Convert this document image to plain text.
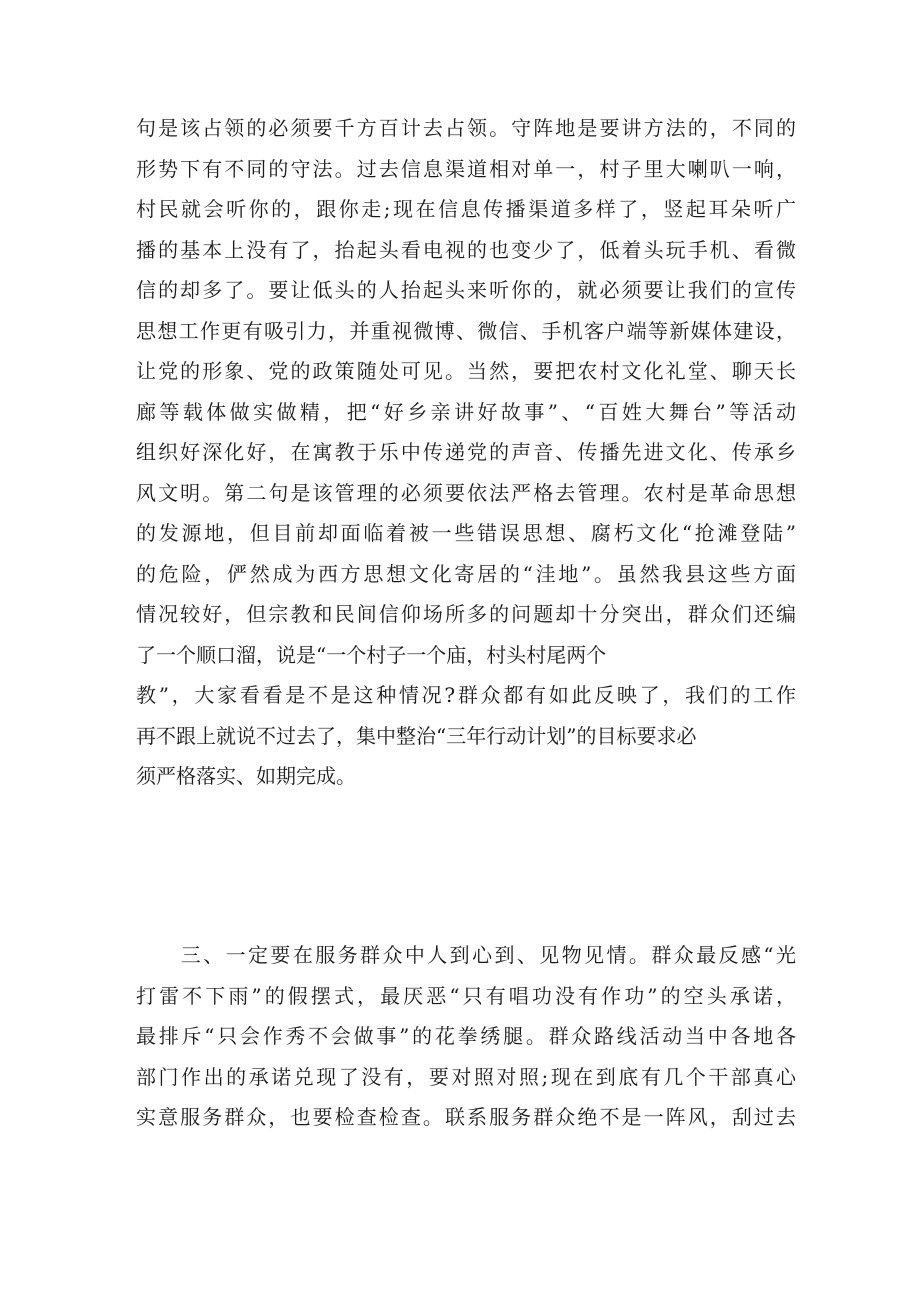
句是该占领的必须要千方百计去占领。守阵地是要讲方法的，不同的
形势下有不同的守法。过去信息渠道相对单一，村子里大喇叭一响，
村民就会听你的，跟你走;现在信息传播渠道多样了，竖起耳朵听广
播的基本上没有了，抬起头看电视的也变少了，低着头玩手机、看微
信的却多了。要让低头的人抬起头来听你的，就必须要让我们的宣传
思想工作更有吸引力，并重视微博、微信、手机客户端等新媒体建设，
让党的形象、党的政策随处可见。当然，要把农村文化礼堂、聊天长
廊等载体做实做精，把“好乡亲讲好故事”、“百姓大舞台”等活动
组织好深化好，在寓教于乐中传递党的声音、传播先进文化、传承乡
风文明。第二句是该管理的必须要依法严格去管理。农村是革命思想
的发源地，但目前却面临着被一些错误思想、腐朽文化“抢滩登陆”
的危险，俨然成为西方思想文化寄居的“洼地”。虽然我县这些方面
情况较好，但宗教和民间信仰场所多的问题却十分突出，群众们还编
了一个顺口溜，说是“一个村子一个庙，村头村尾两个
教”，大家看看是不是这种情况?群众都有如此反映了，我们的工作
再不跟上就说不过去了，集中整治“三年行动计划”的目标要求必
须严格落实、如期完成。
　　三、一定要在服务群众中人到心到、见物见情。群众最反感“光
打雷不下雨”的假摆式，最厌恶“只有唱功没有作功”的空头承诺，
最排斥“只会作秀不会做事”的花拳绣腿。群众路线活动当中各地各
部门作出的承诺兑现了没有，要对照对照;现在到底有几个干部真心
实意服务群众，也要检查检查。联系服务群众绝不是一阵风，刮过去
